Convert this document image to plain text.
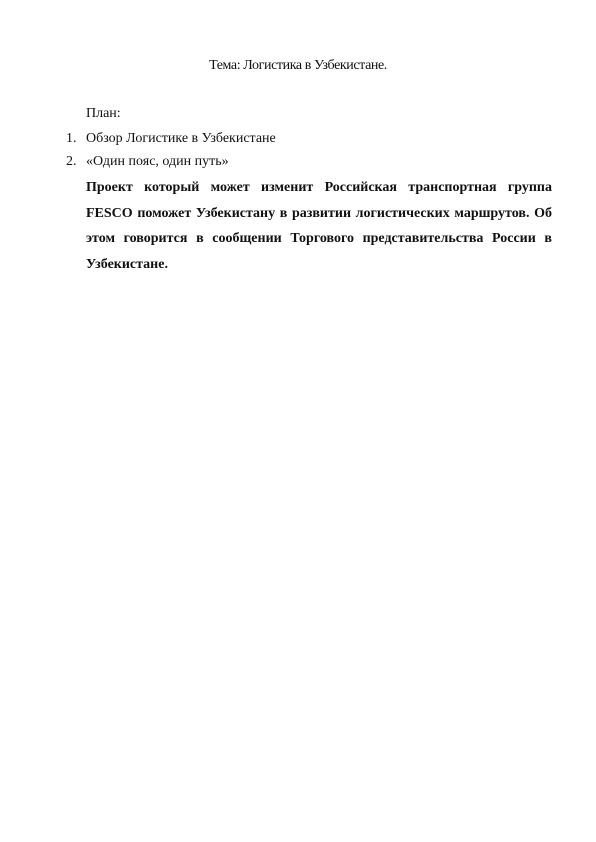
Тема: Логистика в Узбекистане.
План:
1. Обзор Логистике в Узбекистане
2. «Один пояс, один путь»

Проект который может изменит Российская транспортная группа FESCO поможет Узбекистану в развитии логистических маршрутов. Об этом говорится в сообщении Торгового представительства России в Узбекистане.
